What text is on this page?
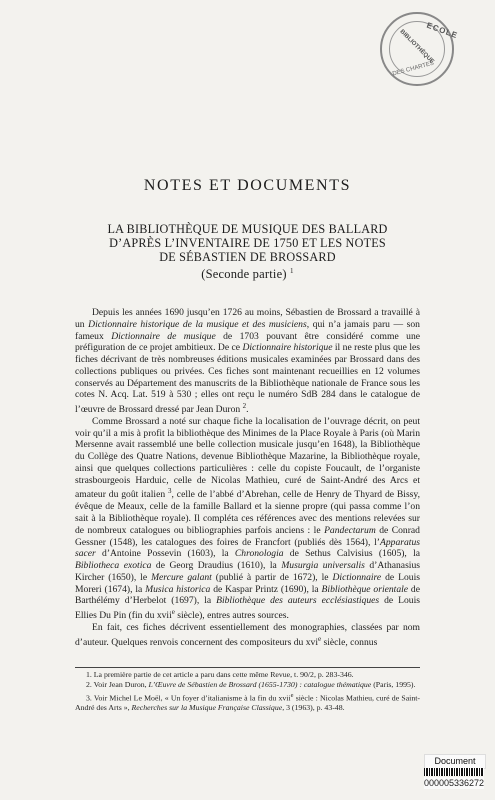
ECOLE
BIBLIOTHÈQUE
DES CHARTES
NOTES ET DOCUMENTS
LA BIBLIOTHÈQUE DE MUSIQUE DES BALLARD
D’APRÈS L’INVENTAIRE DE 1750 ET LES NOTES
DE SÉBASTIEN DE BROSSARD
(Seconde partie) $^1$

Depuis les années 1690 jusqu’en 1726 au moins, Sébastien de Brossard a travaillé à un Dictionnaire historique de la musique et des musiciens, qui n’a jamais paru — son fameux Dictionnaire de musique de 1703 pouvant être considéré comme une préfiguration de ce projet ambitieux. De ce Dictionnaire historique il ne reste plus que les fiches décrivant de très nombreuses éditions musicales examinées par Brossard dans des collections publiques ou privées. Ces fiches sont maintenant recueillies en 12 volumes conservés au Département des manuscrits de la Bibliothèque nationale de France sous les cotes N. Acq. Lat. 519 à 530 ; elles ont reçu le numéro SdB 284 dans le catalogue de l’œuvre de Brossard dressé par Jean Duron $^2$.

Comme Brossard a noté sur chaque fiche la localisation de l’ouvrage décrit, on peut voir qu’il a mis à profit la bibliothèque des Minimes de la Place Royale à Paris (où Marin Mersenne avait rassemblé une belle collection musicale jusqu’en 1648), la Bibliothèque du Collège des Quatre Nations, devenue Bibliothèque Mazarine, la Bibliothèque royale, ainsi que quelques collections particulières : celle du copiste Foucault, de l’organiste strasbourgeois Harduic, celle de Nicolas Mathieu, curé de Saint-André des Arcs et amateur du goût italien $^3$, celle de l’abbé d’Abrehan, celle de Henry de Thyard de Bissy, évêque de Meaux, celle de la famille Ballard et la sienne propre (qui passa comme l’on sait à la Bibliothèque royale). Il compléta ces références avec des mentions relevées sur de nombreux catalogues ou bibliographies parfois anciens : le Pandectarum de Conrad Gessner (1548), les catalogues des foires de Francfort (publiés dès 1564), l’Apparatus sacer d’Antoine Possevin (1603), la Chronologia de Sethus Calvisius (1605), la Bibliotheca exotica de Georg Draudius (1610), la Musurgia universalis d’Athanasius Kircher (1650), le Mercure galant (publié à partir de 1672), le Dictionnaire de Louis Moreri (1674), la Musica historica de Kaspar Printz (1690), la Bibliothèque orientale de Barthélémy d’Herbelot (1697), la Bibliothèque des auteurs ecclésiastiques de Louis Ellies Du Pin (fin du xvii$^e$ siècle), entres autres sources.

En fait, ces fiches décrivent essentiellement des monographies, classées par nom d’auteur. Quelques renvois concernent des compositeurs du xvi$^e$ siècle, connus

1. La première partie de cet article a paru dans cette même Revue, t. 90/2, p. 283-346.

2. Voir Jean Duron, L’Œuvre de Sébastien de Brossard (1655-1730) : catalogue thématique (Paris, 1995).

3. Voir Michel Le Moël, « Un foyer d’italianisme à la fin du xvii$^e$ siècle : Nicolas Mathieu, curé de Saint-André des Arts », Recherches sur la Musique Française Classique, 3 (1963), p. 43-48.

Document
000005336272
